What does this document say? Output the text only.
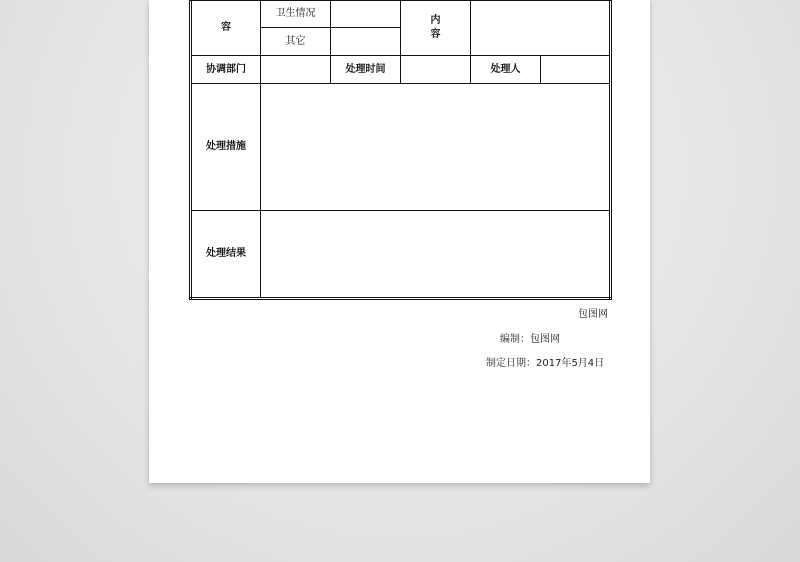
容	卫生情况		内容		
	其它				
协调部门		处理时间		处理人	
处理措施					
处理结果					
包图网
编制：包图网
制定日期：2017年5月4日
